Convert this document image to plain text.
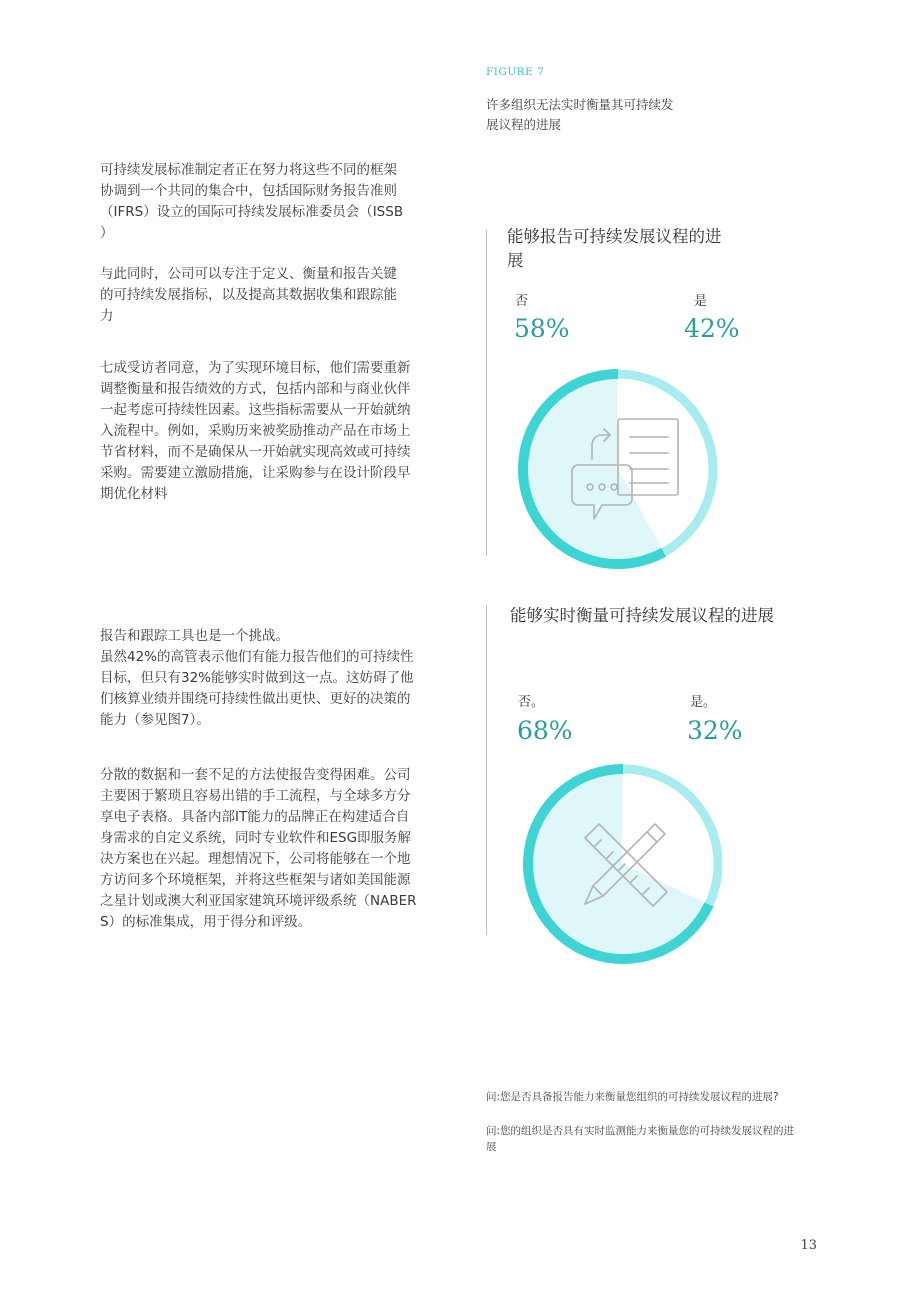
可持续发展标准制定者正在努力将这些不同的框架
协调到一个共同的集合中，包括国际财务报告准则
（IFRS）设立的国际可持续发展标准委员会（ISSB
）

与此同时，公司可以专注于定义、衡量和报告关键
的可持续发展指标，以及提高其数据收集和跟踪能
力

七成受访者同意，为了实现环境目标，他们需要重新
调整衡量和报告绩效的方式，包括内部和与商业伙伴
一起考虑可持续性因素。这些指标需要从一开始就纳
入流程中。例如，采购历来被奖励推动产品在市场上
节省材料，而不是确保从一开始就实现高效或可持续
采购。需要建立激励措施，让采购参与在设计阶段早
期优化材料

报告和跟踪工具也是一个挑战。
虽然42%的高管表示他们有能力报告他们的可持续性
目标，但只有32%能够实时做到这一点。这妨碍了他
们核算业绩并围绕可持续性做出更快、更好的决策的
能力（参见图7）。

分散的数据和一套不足的方法使报告变得困难。公司
主要困于繁琐且容易出错的手工流程，与全球多方分
享电子表格。具备内部IT能力的品牌正在构建适合自
身需求的自定义系统，同时专业软件和ESG即服务解
决方案也在兴起。理想情况下，公司将能够在一个地
方访问多个环境框架，并将这些框架与诸如美国能源
之星计划或澳大利亚国家建筑环境评级系统（NABER
S）的标准集成，用于得分和评级。

FIGURE 7
许多组织无法实时衡量其可持续发
展议程的进展
能够报告可持续发展议程的进
展
否	是
58%	42%
能够实时衡量可持续发展议程的进展
否。	是。
68%	32%
问:您是否具备报告能力来衡量您组织的可持续发展议程的进展?
问:您的组织是否具有实时监测能力来衡量您的可持续发展议程的进
展
13
